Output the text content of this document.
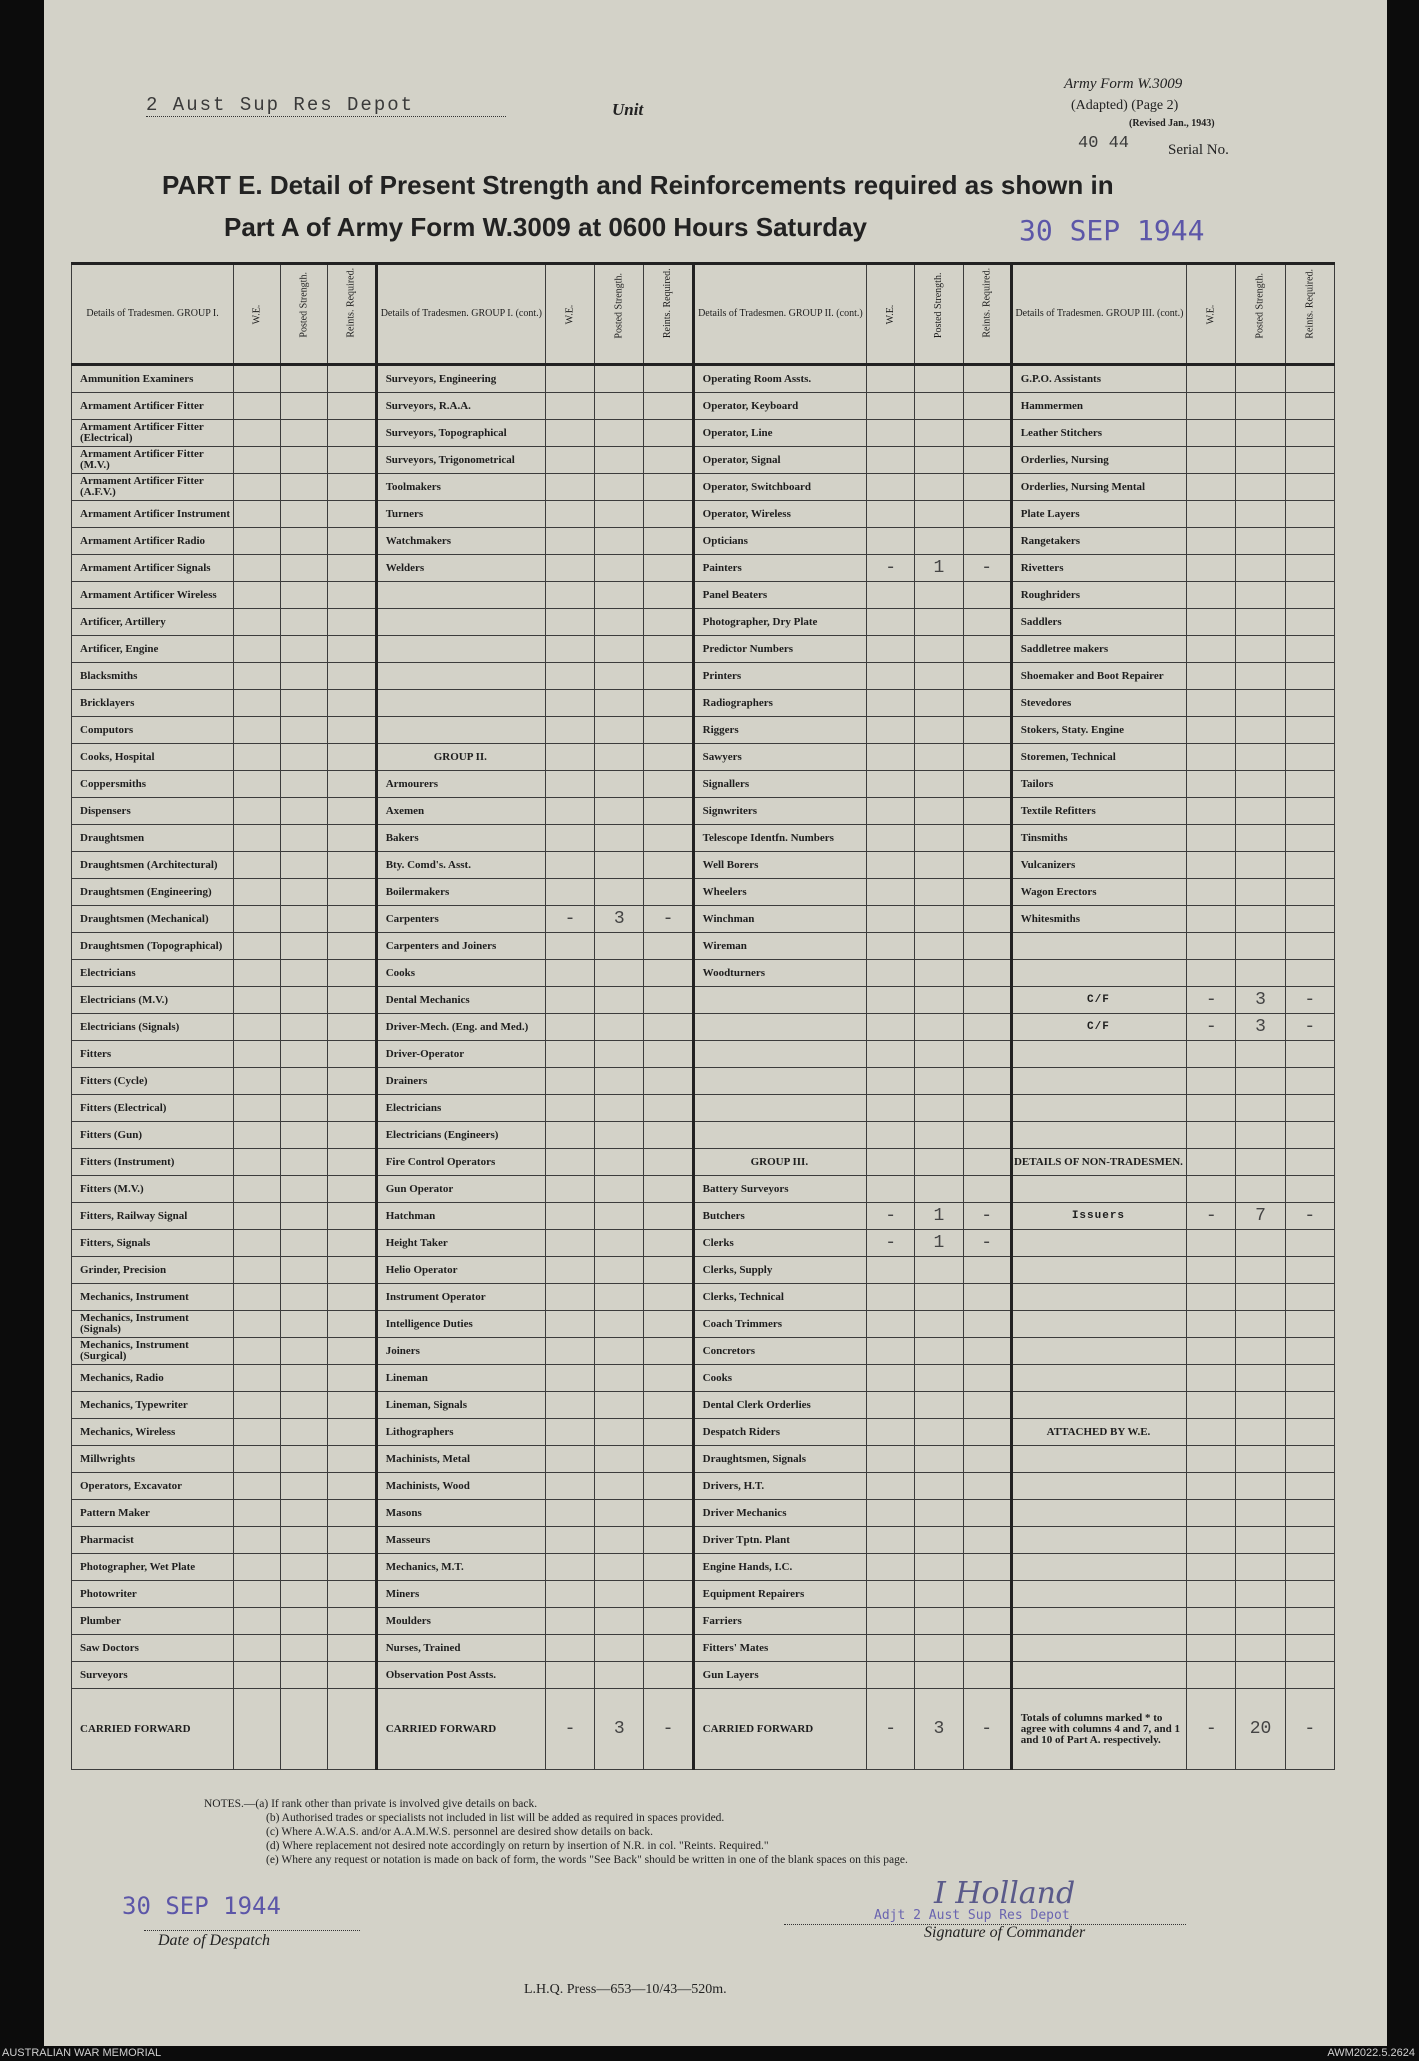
2 Aust Sup Res Depot	Unit
Army Form W.3009
(Adapted) (Page 2)
(Revised Jan., 1943)
40 44	Serial No.
PART E. Detail of Present Strength and Reinforcements required as shown in
Part A of Army Form W.3009 at 0600 Hours Saturday	30 SEP 1944
Details of Tradesmen. GROUP I.	W.E.	Posted Strength.	Reints. Required.	Details of Tradesmen. GROUP I. (cont.)	W.E.	Posted Strength.	Reints. Required.	Details of Tradesmen. GROUP II. (cont.)	W.E.	Posted Strength.	Reints. Required.	Details of Tradesmen. GROUP III. (cont.)	W.E.	Posted Strength.	Reints. Required.

Ammunition Examiners				Surveyors, Engineering				Operating Room Assts.				G.P.O. Assistants			
Armament Artificer Fitter				Surveyors, R.A.A.				Operator, Keyboard				Hammermen			
Armament Artificer Fitter (Electrical)				Surveyors, Topographical				Operator, Line				Leather Stitchers			
Armament Artificer Fitter (M.V.)				Surveyors, Trigonometrical				Operator, Signal				Orderlies, Nursing			
Armament Artificer Fitter (A.F.V.)				Toolmakers				Operator, Switchboard				Orderlies, Nursing Mental			
Armament Artificer Instrument				Turners				Operator, Wireless				Plate Layers			
Armament Artificer Radio				Watchmakers				Opticians				Rangetakers			
Armament Artificer Signals				Welders				Painters	-	1	-	Rivetters			
Armament Artificer Wireless								Panel Beaters				Roughriders			
Artificer, Artillery								Photographer, Dry Plate				Saddlers			
Artificer, Engine								Predictor Numbers				Saddletree makers			
Blacksmiths								Printers				Shoemaker and Boot Repairer			
Bricklayers								Radiographers				Stevedores			
Computors								Riggers				Stokers, Staty. Engine			
Cooks, Hospital				GROUP II.				Sawyers				Storemen, Technical			
Coppersmiths				Armourers				Signallers				Tailors			
Dispensers				Axemen				Signwriters				Textile Refitters			
Draughtsmen				Bakers				Telescope Identfn. Numbers				Tinsmiths			
Draughtsmen (Architectural)				Bty. Comd's. Asst.				Well Borers				Vulcanizers			
Draughtsmen (Engineering)				Boilermakers				Wheelers				Wagon Erectors			
Draughtsmen (Mechanical)				Carpenters	-	3	-	Winchman				Whitesmiths			
Draughtsmen (Topographical)				Carpenters and Joiners				Wireman							
Electricians				Cooks				Woodturners							
Electricians (M.V.)				Dental Mechanics								C/F	-	3	-
Electricians (Signals)				Driver-Mech. (Eng. and Med.)								C/F	-	3	-
Fitters				Driver-Operator											
Fitters (Cycle)				Drainers											
Fitters (Electrical)				Electricians											
Fitters (Gun)				Electricians (Engineers)											
Fitters (Instrument)				Fire Control Operators				GROUP III.				DETAILS OF NON-TRADESMEN.			
Fitters (M.V.)				Gun Operator				Battery Surveyors							
Fitters, Railway Signal				Hatchman				Butchers	-	1	-	Issuers	-	7	-
Fitters, Signals				Height Taker				Clerks	-	1	-				
Grinder, Precision				Helio Operator				Clerks, Supply							
Mechanics, Instrument				Instrument Operator				Clerks, Technical							
Mechanics, Instrument (Signals)				Intelligence Duties				Coach Trimmers							
Mechanics, Instrument (Surgical)				Joiners				Concretors							
Mechanics, Radio				Lineman				Cooks							
Mechanics, Typewriter				Lineman, Signals				Dental Clerk Orderlies							
Mechanics, Wireless				Lithographers				Despatch Riders				ATTACHED BY W.E.			
Millwrights				Machinists, Metal				Draughtsmen, Signals							
Operators, Excavator				Machinists, Wood				Drivers, H.T.							
Pattern Maker				Masons				Driver Mechanics							
Pharmacist				Masseurs				Driver Tptn. Plant							
Photographer, Wet Plate				Mechanics, M.T.				Engine Hands, I.C.							
Photowriter				Miners				Equipment Repairers							
Plumber				Moulders				Farriers							
Saw Doctors				Nurses, Trained				Fitters' Mates							
Surveyors				Observation Post Assts.				Gun Layers							
CARRIED FORWARD				CARRIED FORWARD	-	3	-	CARRIED FORWARD	-	3	-	Totals of columns marked * to agree with columns 4 and 7, and 1 and 10 of Part A. respectively.	-	20	-
NOTES.—(a) If rank other than private is involved give details on back.
(b) Authorised trades or specialists not included in list will be added as required in spaces provided.
(c) Where A.W.A.S. and/or A.A.M.W.S. personnel are desired show details on back.
(d) Where replacement not desired note accordingly on return by insertion of N.R. in col. "Reints. Required."
(e) Where any request or notation is made on back of form, the words "See Back" should be written in one of the blank spaces on this page.
30 SEP 1944
Date of Despatch
I Holland
Adjt 2 Aust Sup Res Depot
Signature of Commander
L.H.Q. Press—653—10/43—520m.
AUSTRALIAN WAR MEMORIAL	AWM2022.5.2624
